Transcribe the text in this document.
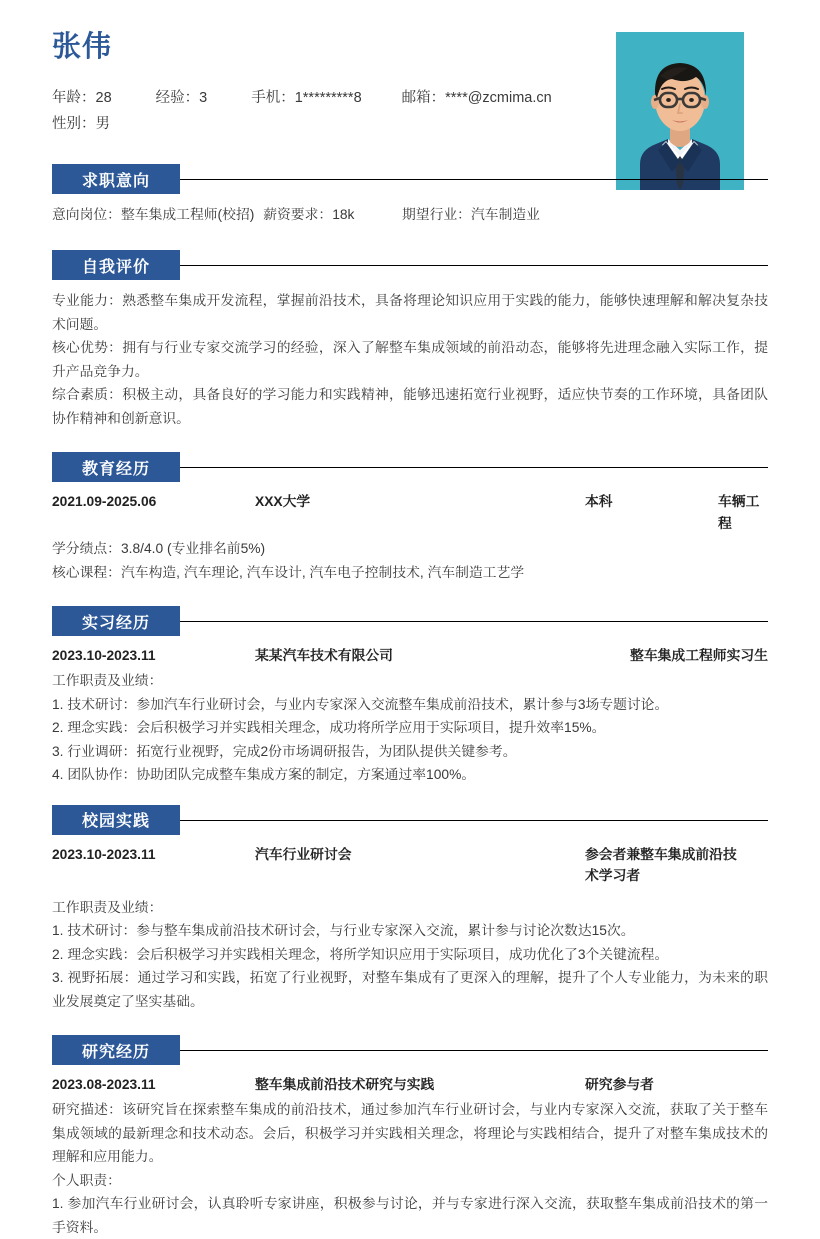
张伟
年龄：28	经验：3	手机：1*********8	邮箱：****@zcmima.cn
性别：男
求职意向
意向岗位：整车集成工程师(校招) 薪资要求：18k	期望行业：汽车制造业
自我评价

专业能力：熟悉整车集成开发流程，掌握前沿技术，具备将理论知识应用于实践的能力，能够快速理解和解决复杂技术问题。

核心优势：拥有与行业专家交流学习的经验，深入了解整车集成领域的前沿动态，能够将先进理念融入实际工作，提升产品竞争力。

综合素质：积极主动，具备良好的学习能力和实践精神，能够迅速拓宽行业视野，适应快节奏的工作环境，具备团队协作精神和创新意识。

教育经历
2021.09-2025.06	XXX大学	本科	车辆工程

学分绩点：3.8/4.0 (专业排名前5%)

核心课程：汽车构造, 汽车理论, 汽车设计, 汽车电子控制技术, 汽车制造工艺学

实习经历
2023.10-2023.11	某某汽车技术有限公司	整车集成工程师实习生

工作职责及业绩：

1. 技术研讨：参加汽车行业研讨会，与业内专家深入交流整车集成前沿技术，累计参与3场专题讨论。

2. 理念实践：会后积极学习并实践相关理念，成功将所学应用于实际项目，提升效率15%。

3. 行业调研：拓宽行业视野，完成2份市场调研报告，为团队提供关键参考。

4. 团队协作：协助团队完成整车集成方案的制定，方案通过率100%。

校园实践
2023.10-2023.11	汽车行业研讨会	参会者兼整车集成前沿技术学习者

工作职责及业绩：

1. 技术研讨：参与整车集成前沿技术研讨会，与行业专家深入交流，累计参与讨论次数达15次。

2. 理念实践：会后积极学习并实践相关理念，将所学知识应用于实际项目，成功优化了3个关键流程。

3. 视野拓展：通过学习和实践，拓宽了行业视野，对整车集成有了更深入的理解，提升了个人专业能力，为未来的职业发展奠定了坚实基础。

研究经历
2023.08-2023.11	整车集成前沿技术研究与实践	研究参与者

研究描述：该研究旨在探索整车集成的前沿技术，通过参加汽车行业研讨会，与业内专家深入交流，获取了关于整车集成领域的最新理念和技术动态。会后，积极学习并实践相关理念，将理论与实践相结合，提升了对整车集成技术的理解和应用能力。

个人职责：

1. 参加汽车行业研讨会，认真聆听专家讲座，积极参与讨论，并与专家进行深入交流，获取整车集成前沿技术的第一手资料。
